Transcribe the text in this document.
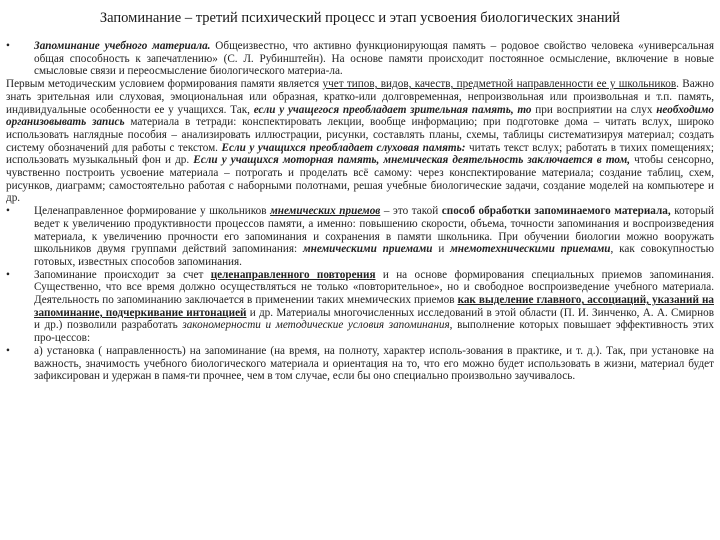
Запоминание – третий психический процесс и этап усвоения биологических знаний
•	Запоминание учебного материала. Общеизвестно, что активно функционирующая память – родовое свойство человека «универсальная общая способность к запечатлению» (С. Л. Рубинштейн). На основе памяти происходит постоянное осмысление, включение в новые смысловые связи и переосмысление биологического материа-ла.

Первым методическим условием формирования памяти является учет типов, видов, качеств, предметной направленности ее у школьников. Важно знать зрительная или слуховая, эмоциональная или образная, кратко-или долговременная, непроизвольная или произвольная и т.п. память, индивидуальные особенности ее у учащихся. Так, если у учащегося преобладает зрительная память, то при восприятии на слух необходимо организовывать запись материала в тетради: конспектировать лекции, вообще информацию; при подготовке дома – читать вслух, широко использовать наглядные пособия – анализировать иллюстрации, рисунки, составлять планы, схемы, таблицы систематизируя материал; создать систему обозначений для работы с текстом. Если у учащихся преобладает слуховая память: читать текст вслух; работать в тихих помещениях; использовать музыкальный фон и др. Если у учащихся моторная память, мнемическая деятельность заключается в том, чтобы сенсорно, чувственно построить усвоение материала – потрогать и проделать всё самому: через конспектирование материала; создание таблиц, схем, рисунков, диаграмм; самостоятельно работая с наборными полотнами, решая учебные биологические задачи, создание моделей на компьютере и др.

•	Целенаправленное формирование у школьников мнемических приемов – это такой способ обработки запоминаемого материала, который ведет к увеличению продуктивности процессов памяти, а именно: повышению скорости, объема, точности запоминания и воспроизведения материала, к увеличению прочности его запоминания и сохранения в памяти школьника. При обучении биологии можно вооружать школьников двумя группами действий запоминания: мнемическими приемами и мнемотехническими приемами, как совокупностью готовых, известных способов запоминания.

•	Запоминание происходит за счет целенаправленного повторения и на основе формирования специальных приемов запоминания. Существенно, что все время должно осуществляться не только «повторительное», но и свободное воспроизведение учебного материала. Деятельность по запоминанию заключается в применении таких мнемических приемов как выделение главного, ассоциаций, указаний на запоминание, подчеркивание интонацией и др. Материалы многочисленных исследований в этой области (П. И. Зинченко, А. А. Смирнов и др.) позволили разработать закономерности и методические условия запоминания, выполнение которых повышает эффективность этих про-цессов:

•	а) установка ( направленность) на запоминание (на время, на полноту, характер исполь-зования в практике, и т. д.). Так, при установке на важность, значимость учебного биологического материала и ориентация на то, что его можно будет использовать в жизни, материал будет зафиксирован и удержан в памя-ти прочнее, чем в том случае, если бы оно специально произвольно заучивалось.
